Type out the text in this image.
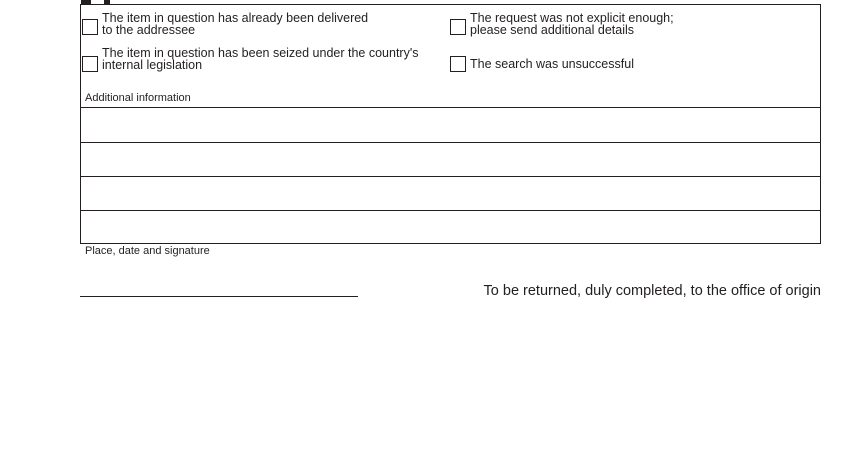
The item in question has already been delivered
to the addressee
The item in question has been seized under the country's
internal legislation
The request was not explicit enough;
please send additional details
The search was unsuccessful
Additional information
Place, date and signature
To be returned, duly completed, to the office of origin
